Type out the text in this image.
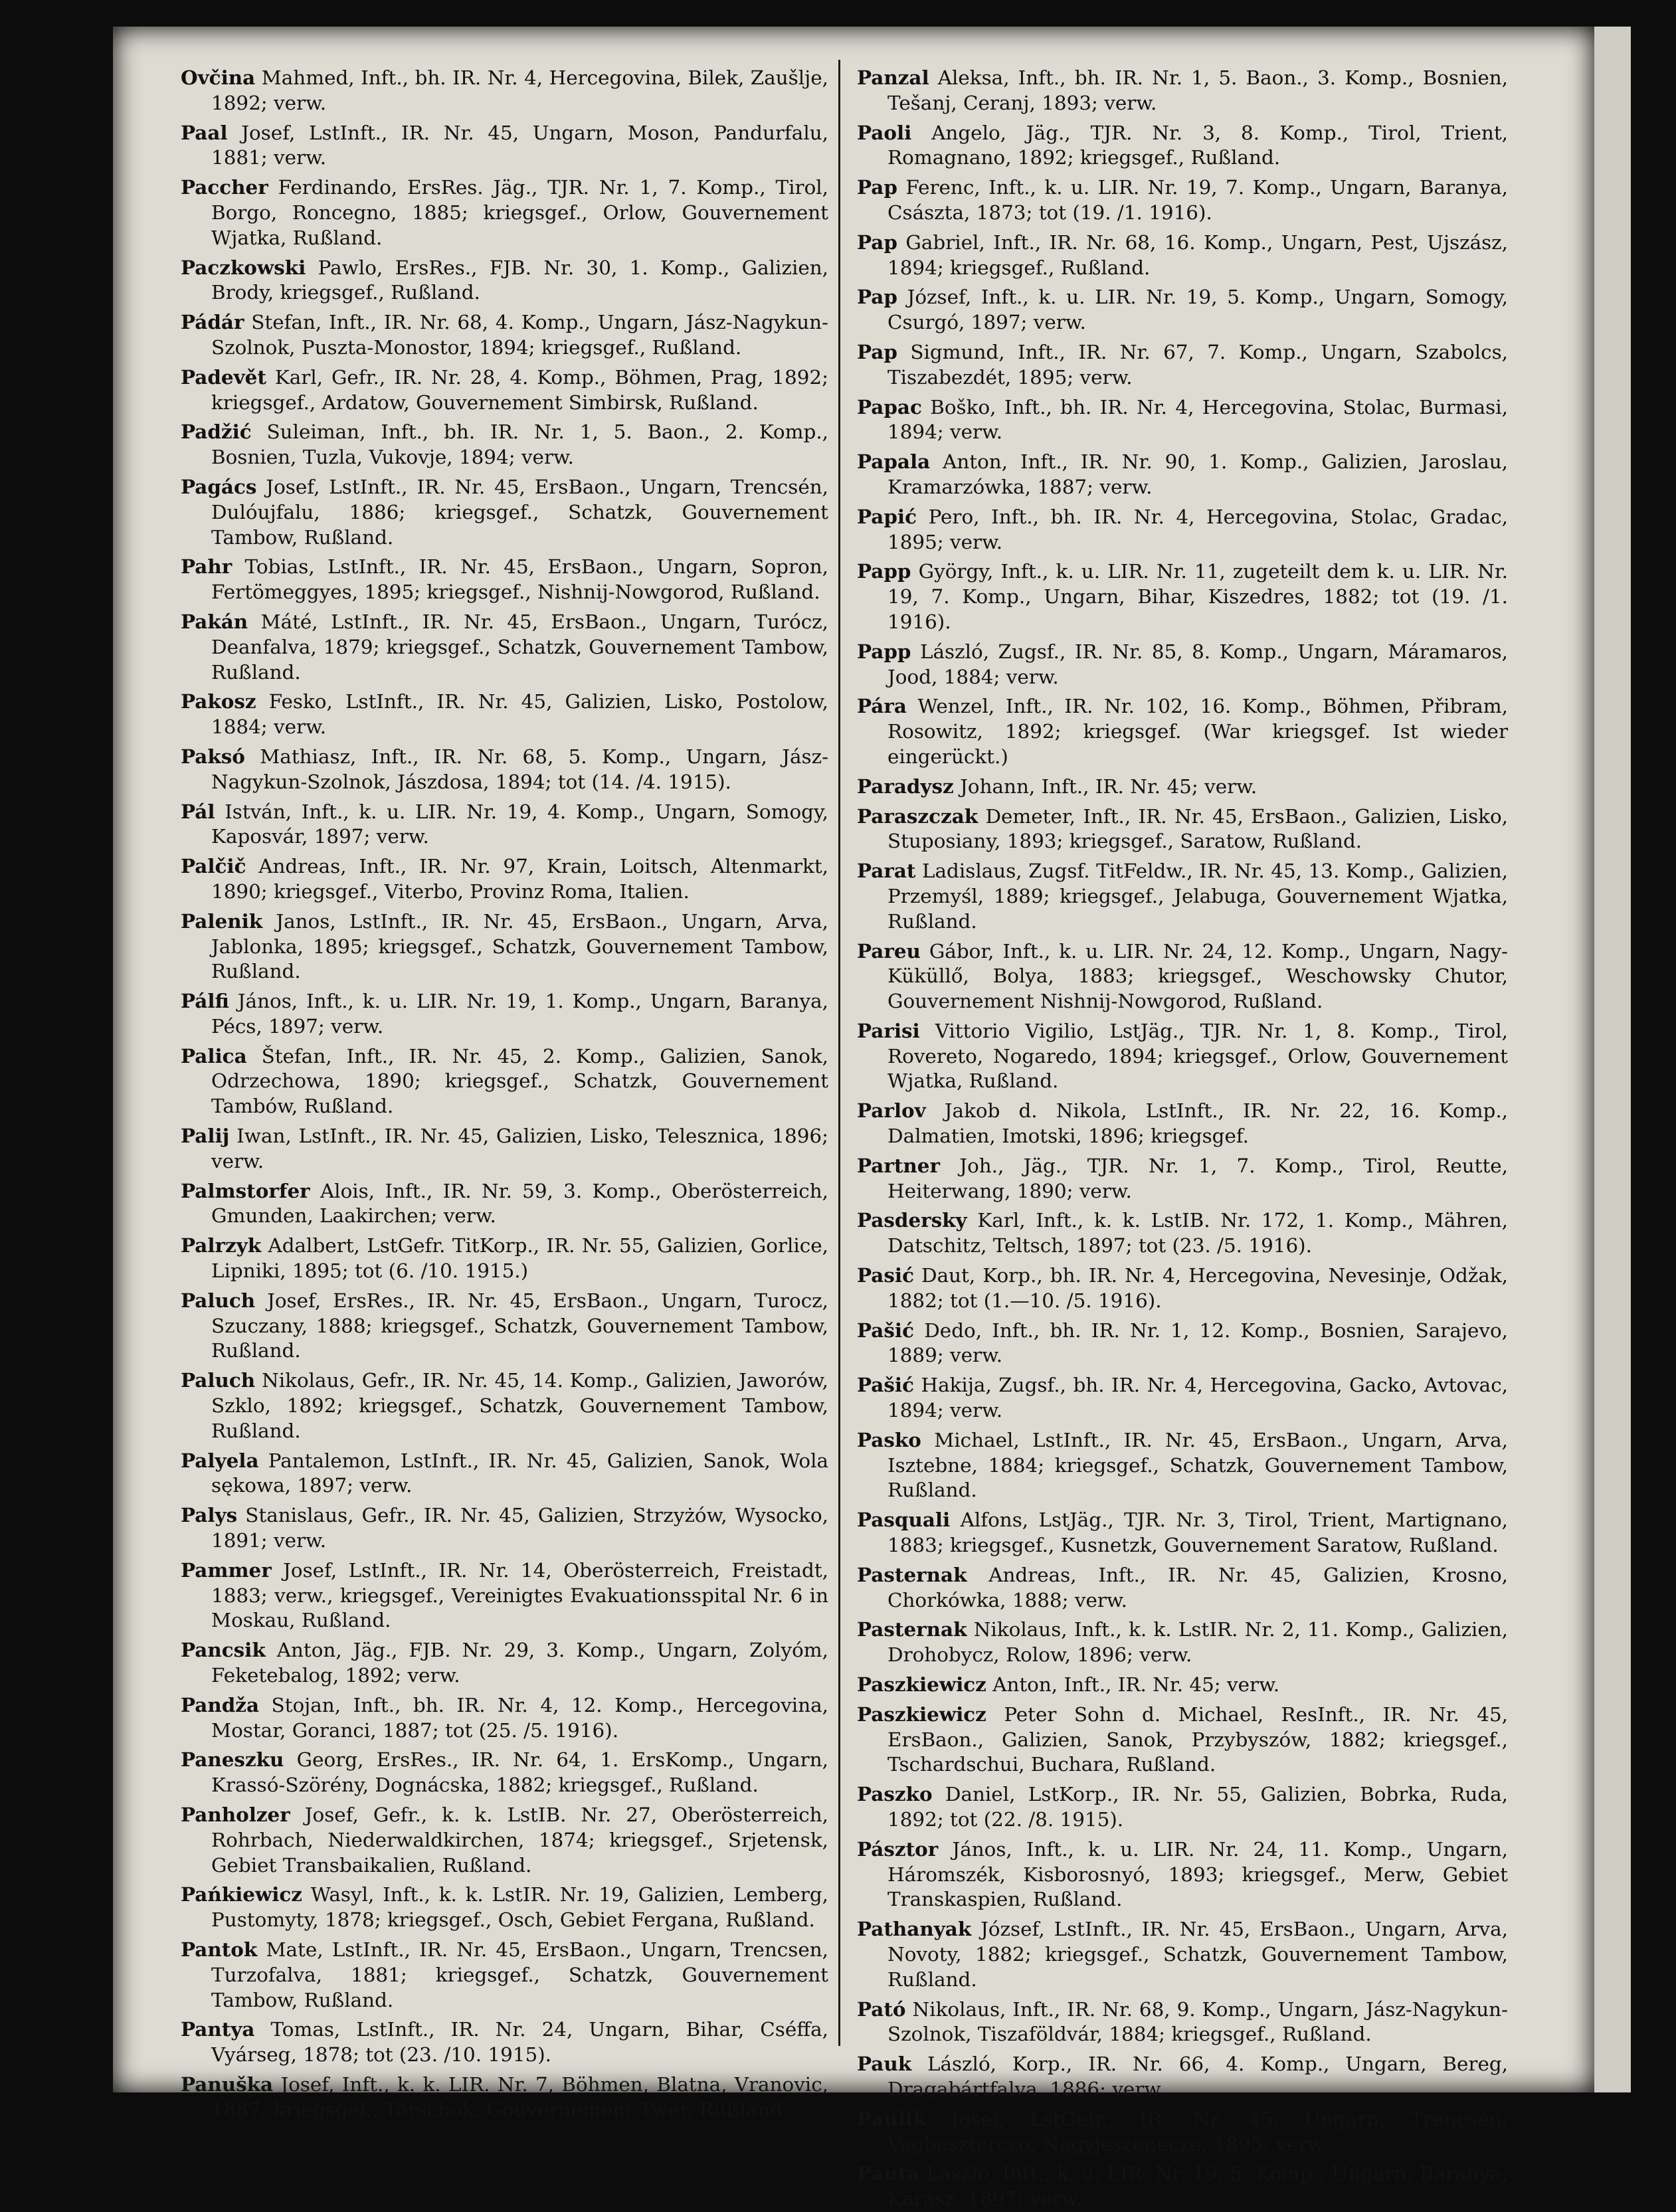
Ovčina Mahmed, Inft., bh. IR. Nr. 4, Hercegovina, Bilek, Zaušlje, 1892; verw.

Paal Josef, LstInft., IR. Nr. 45, Ungarn, Moson, Pandurfalu, 1881; verw.

Paccher Ferdinando, ErsRes. Jäg., TJR. Nr. 1, 7. Komp., Tirol, Borgo, Roncegno, 1885; kriegsgef., Orlow, Gouvernement Wjatka, Rußland.

Paczkowski Pawlo, ErsRes., FJB. Nr. 30, 1. Komp., Galizien, Brody, kriegsgef., Rußland.

Pádár Stefan, Inft., IR. Nr. 68, 4. Komp., Ungarn, Jász-Nagykun-Szolnok, Puszta-Monostor, 1894; kriegsgef., Rußland.

Padevět Karl, Gefr., IR. Nr. 28, 4. Komp., Böhmen, Prag, 1892; kriegsgef., Ardatow, Gouvernement Simbirsk, Rußland.

Padžić Suleiman, Inft., bh. IR. Nr. 1, 5. Baon., 2. Komp., Bosnien, Tuzla, Vukovje, 1894; verw.

Pagács Josef, LstInft., IR. Nr. 45, ErsBaon., Ungarn, Trencsén, Dulóujfalu, 1886; kriegsgef., Schatzk, Gouvernement Tambow, Rußland.

Pahr Tobias, LstInft., IR. Nr. 45, ErsBaon., Ungarn, Sopron, Fertömeggyes, 1895; kriegsgef., Nishnij-Nowgorod, Rußland.

Pakán Máté, LstInft., IR. Nr. 45, ErsBaon., Ungarn, Turócz, Deanfalva, 1879; kriegsgef., Schatzk, Gouvernement Tambow, Rußland.

Pakosz Fesko, LstInft., IR. Nr. 45, Galizien, Lisko, Postolow, 1884; verw.

Paksó Mathiasz, Inft., IR. Nr. 68, 5. Komp., Ungarn, Jász-Nagykun-Szolnok, Jászdosa, 1894; tot (14. /4. 1915).

Pál István, Inft., k. u. LIR. Nr. 19, 4. Komp., Ungarn, Somogy, Kaposvár, 1897; verw.

Palčič Andreas, Inft., IR. Nr. 97, Krain, Loitsch, Altenmarkt, 1890; kriegsgef., Viterbo, Provinz Roma, Italien.

Palenik Janos, LstInft., IR. Nr. 45, ErsBaon., Ungarn, Arva, Jablonka, 1895; kriegsgef., Schatzk, Gouvernement Tambow, Rußland.

Pálfi János, Inft., k. u. LIR. Nr. 19, 1. Komp., Ungarn, Baranya, Pécs, 1897; verw.

Palica Štefan, Inft., IR. Nr. 45, 2. Komp., Galizien, Sanok, Odrzechowa, 1890; kriegsgef., Schatzk, Gouvernement Tambów, Rußland.

Palij Iwan, LstInft., IR. Nr. 45, Galizien, Lisko, Telesznica, 1896; verw.

Palmstorfer Alois, Inft., IR. Nr. 59, 3. Komp., Oberösterreich, Gmunden, Laakirchen; verw.

Palrzyk Adalbert, LstGefr. TitKorp., IR. Nr. 55, Galizien, Gorlice, Lipniki, 1895; tot (6. /10. 1915.)

Paluch Josef, ErsRes., IR. Nr. 45, ErsBaon., Ungarn, Turocz, Szuczany, 1888; kriegsgef., Schatzk, Gouvernement Tambow, Rußland.

Paluch Nikolaus, Gefr., IR. Nr. 45, 14. Komp., Galizien, Jaworów, Szklo, 1892; kriegsgef., Schatzk, Gouvernement Tambow, Rußland.

Palyela Pantalemon, LstInft., IR. Nr. 45, Galizien, Sanok, Wola sękowa, 1897; verw.

Palys Stanislaus, Gefr., IR. Nr. 45, Galizien, Strzyżów, Wysocko, 1891; verw.

Pammer Josef, LstInft., IR. Nr. 14, Oberösterreich, Freistadt, 1883; verw., kriegsgef., Vereinigtes Evakuationsspital Nr. 6 in Moskau, Rußland.

Pancsik Anton, Jäg., FJB. Nr. 29, 3. Komp., Ungarn, Zolyóm, Feketebalog, 1892; verw.

Pandža Stojan, Inft., bh. IR. Nr. 4, 12. Komp., Hercegovina, Mostar, Goranci, 1887; tot (25. /5. 1916).

Paneszku Georg, ErsRes., IR. Nr. 64, 1. ErsKomp., Ungarn, Krassó-Szörény, Dognácska, 1882; kriegsgef., Rußland.

Panholzer Josef, Gefr., k. k. LstIB. Nr. 27, Oberösterreich, Rohrbach, Niederwaldkirchen, 1874; kriegsgef., Srjetensk, Gebiet Transbaikalien, Rußland.

Pańkiewicz Wasyl, Inft., k. k. LstIR. Nr. 19, Galizien, Lemberg, Pustomyty, 1878; kriegsgef., Osch, Gebiet Fergana, Rußland.

Pantok Mate, LstInft., IR. Nr. 45, ErsBaon., Ungarn, Trencsen, Turzofalva, 1881; kriegsgef., Schatzk, Gouvernement Tambow, Rußland.

Pantya Tomas, LstInft., IR. Nr. 24, Ungarn, Bihar, Cséffa, Vyárseg, 1878; tot (23. /10. 1915).

Panuška Josef, Inft., k. k. LIR. Nr. 7, Böhmen, Blatna, Vranovic, 1887; kriegsgef., Torschok, Gouvernement Twer, Rußland.

Panzal Aleksa, Inft., bh. IR. Nr. 1, 5. Baon., 3. Komp., Bosnien, Tešanj, Ceranj, 1893; verw.

Paoli Angelo, Jäg., TJR. Nr. 3, 8. Komp., Tirol, Trient, Romagnano, 1892; kriegsgef., Rußland.

Pap Ferenc, Inft., k. u. LIR. Nr. 19, 7. Komp., Ungarn, Baranya, Császta, 1873; tot (19. /1. 1916).

Pap Gabriel, Inft., IR. Nr. 68, 16. Komp., Ungarn, Pest, Ujszász, 1894; kriegsgef., Rußland.

Pap József, Inft., k. u. LIR. Nr. 19, 5. Komp., Ungarn, Somogy, Csurgó, 1897; verw.

Pap Sigmund, Inft., IR. Nr. 67, 7. Komp., Ungarn, Szabolcs, Tiszabezdét, 1895; verw.

Papac Boško, Inft., bh. IR. Nr. 4, Hercegovina, Stolac, Burmasi, 1894; verw.

Papala Anton, Inft., IR. Nr. 90, 1. Komp., Galizien, Jaroslau, Kramarzówka, 1887; verw.

Papić Pero, Inft., bh. IR. Nr. 4, Hercegovina, Stolac, Gradac, 1895; verw.

Papp György, Inft., k. u. LIR. Nr. 11, zugeteilt dem k. u. LIR. Nr. 19, 7. Komp., Ungarn, Bihar, Kiszedres, 1882; tot (19. /1. 1916).

Papp László, Zugsf., IR. Nr. 85, 8. Komp., Ungarn, Máramaros, Jood, 1884; verw.

Pára Wenzel, Inft., IR. Nr. 102, 16. Komp., Böhmen, Přibram, Rosowitz, 1892; kriegsgef. (War kriegsgef. Ist wieder eingerückt.)

Paradysz Johann, Inft., IR. Nr. 45; verw.

Paraszczak Demeter, Inft., IR. Nr. 45, ErsBaon., Galizien, Lisko, Stuposiany, 1893; kriegsgef., Saratow, Rußland.

Parat Ladislaus, Zugsf. TitFeldw., IR. Nr. 45, 13. Komp., Galizien, Przemyśl, 1889; kriegsgef., Jelabuga, Gouvernement Wjatka, Rußland.

Pareu Gábor, Inft., k. u. LIR. Nr. 24, 12. Komp., Ungarn, Nagy-Küküllő, Bolya, 1883; kriegsgef., Weschowsky Chutor, Gouvernement Nishnij-Nowgorod, Rußland.

Parisi Vittorio Vigilio, LstJäg., TJR. Nr. 1, 8. Komp., Tirol, Rovereto, Nogaredo, 1894; kriegsgef., Orlow, Gouvernement Wjatka, Rußland.

Parlov Jakob d. Nikola, LstInft., IR. Nr. 22, 16. Komp., Dalmatien, Imotski, 1896; kriegsgef.

Partner Joh., Jäg., TJR. Nr. 1, 7. Komp., Tirol, Reutte, Heiterwang, 1890; verw.

Pasdersky Karl, Inft., k. k. LstIB. Nr. 172, 1. Komp., Mähren, Datschitz, Teltsch, 1897; tot (23. /5. 1916).

Pasić Daut, Korp., bh. IR. Nr. 4, Hercegovina, Nevesinje, Odžak, 1882; tot (1.—10. /5. 1916).

Pašić Dedo, Inft., bh. IR. Nr. 1, 12. Komp., Bosnien, Sarajevo, 1889; verw.

Pašić Hakija, Zugsf., bh. IR. Nr. 4, Hercegovina, Gacko, Avtovac, 1894; verw.

Pasko Michael, LstInft., IR. Nr. 45, ErsBaon., Ungarn, Arva, Isztebne, 1884; kriegsgef., Schatzk, Gouvernement Tambow, Rußland.

Pasquali Alfons, LstJäg., TJR. Nr. 3, Tirol, Trient, Martignano, 1883; kriegsgef., Kusnetzk, Gouvernement Saratow, Rußland.

Pasternak Andreas, Inft., IR. Nr. 45, Galizien, Krosno, Chorkówka, 1888; verw.

Pasternak Nikolaus, Inft., k. k. LstIR. Nr. 2, 11. Komp., Galizien, Drohobycz, Rolow, 1896; verw.

Paszkiewicz Anton, Inft., IR. Nr. 45; verw.

Paszkiewicz Peter Sohn d. Michael, ResInft., IR. Nr. 45, ErsBaon., Galizien, Sanok, Przybyszów, 1882; kriegsgef., Tschardschui, Buchara, Rußland.

Paszko Daniel, LstKorp., IR. Nr. 55, Galizien, Bobrka, Ruda, 1892; tot (22. /8. 1915).

Pásztor János, Inft., k. u. LIR. Nr. 24, 11. Komp., Ungarn, Háromszék, Kisborosnyó, 1893; kriegsgef., Merw, Gebiet Transkaspien, Rußland.

Pathanyak József, LstInft., IR. Nr. 45, ErsBaon., Ungarn, Arva, Novoty, 1882; kriegsgef., Schatzk, Gouvernement Tambow, Rußland.

Pató Nikolaus, Inft., IR. Nr. 68, 9. Komp., Ungarn, Jász-Nagykun-Szolnok, Tiszaföldvár, 1884; kriegsgef., Rußland.

Pauk László, Korp., IR. Nr. 66, 4. Komp., Ungarn, Bereg, Dragabártfalva, 1886; verw.

Paulik Josef, LstGefr., IR. Nr. 45, Ungarn, Trencsén, Vagbeszterczo, Nagyjeszenecze, 1895; verw.

Pauta László, Inft., k. u. LIR. Nr. 19, 5. Komp., Ungarn, Baranya, Kárász, 1897; verw.
